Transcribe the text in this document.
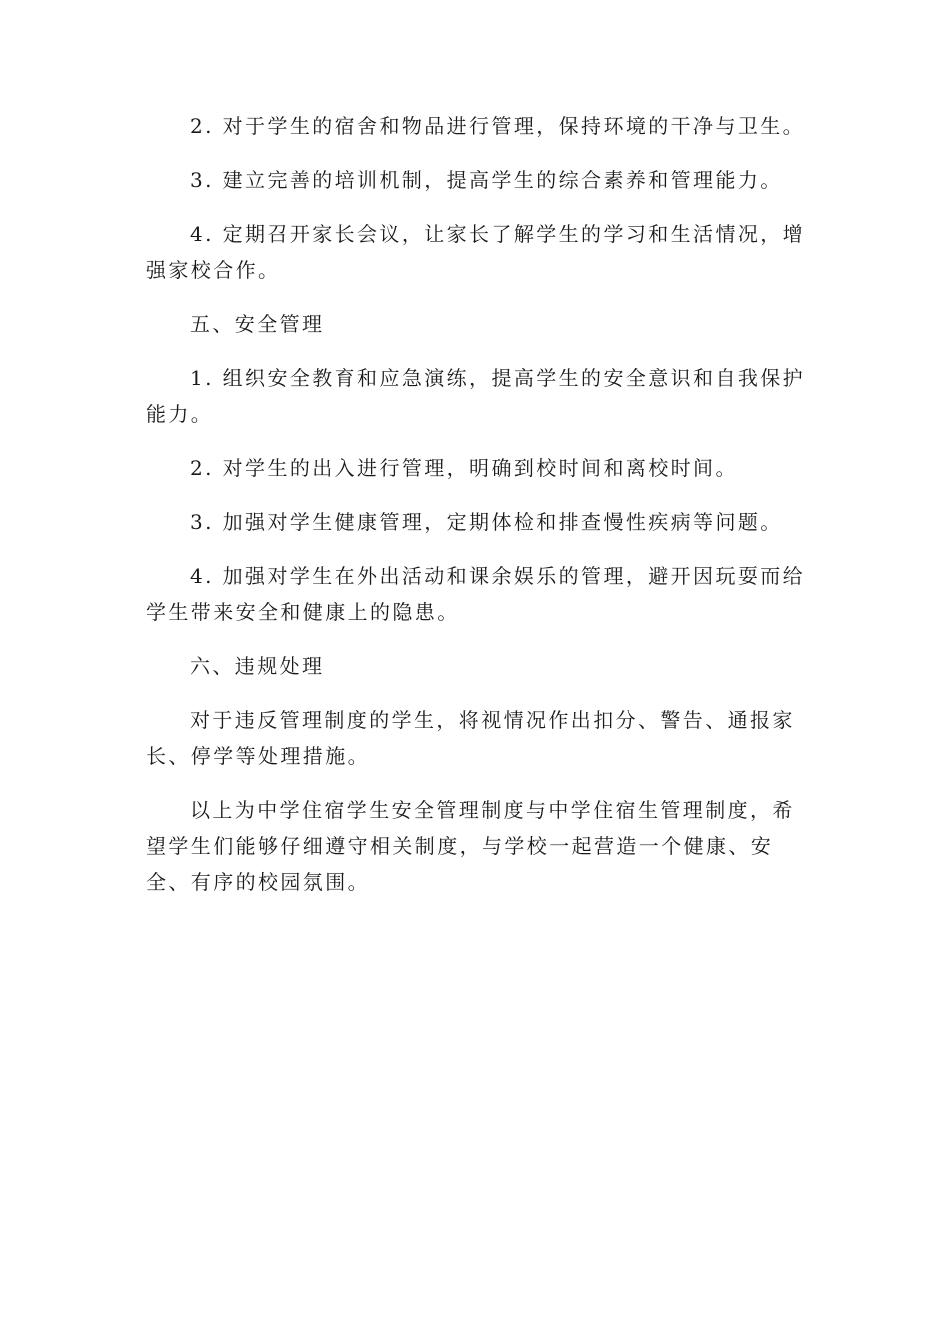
2. 对于学生的宿舍和物品进行管理，保持环境的干净与卫生。

3. 建立完善的培训机制，提高学生的综合素养和管理能力。

4. 定期召开家长会议，让家长了解学生的学习和生活情况，增强家校合作。

五、安全管理

1. 组织安全教育和应急演练，提高学生的安全意识和自我保护能力。

2. 对学生的出入进行管理，明确到校时间和离校时间。

3. 加强对学生健康管理，定期体检和排查慢性疾病等问题。

4. 加强对学生在外出活动和课余娱乐的管理，避开因玩耍而给学生带来安全和健康上的隐患。

六、违规处理

对于违反管理制度的学生，将视情况作出扣分、警告、通报家长、停学等处理措施。

以上为中学住宿学生安全管理制度与中学住宿生管理制度，希望学生们能够仔细遵守相关制度，与学校一起营造一个健康、安全、有序的校园氛围。
